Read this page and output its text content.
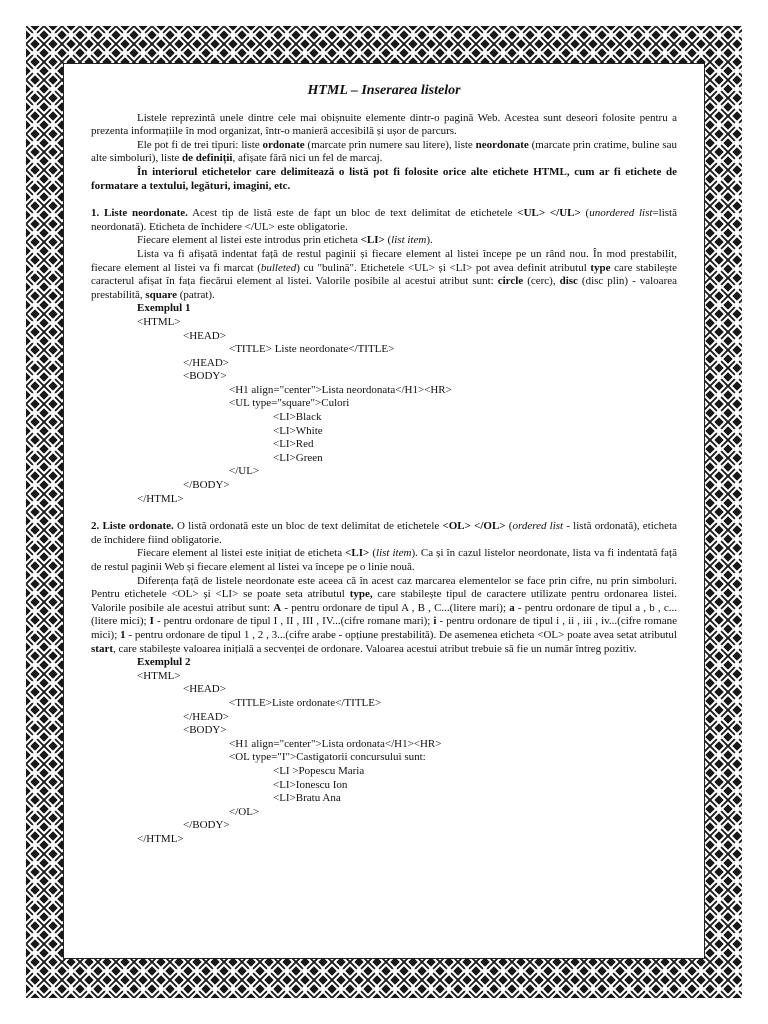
HTML – Inserarea listelor

Listele reprezintă unele dintre cele mai obișnuite elemente dintr-o pagină Web. Acestea sunt deseori folosite pentru a prezenta informațiile în mod organizat, într-o manieră accesibilă și ușor de parcurs.

Ele pot fi de trei tipuri: liste ordonate (marcate prin numere sau litere), liste neordonate (marcate prin cratime, buline sau alte simboluri), liste de definiții, afișate fără nici un fel de marcaj.

În interiorul etichetelor care delimitează o listă pot fi folosite orice alte etichete HTML, cum ar fi etichete de formatare a textului, legături, imagini, etc.

1. Liste neordonate. Acest tip de listă este de fapt un bloc de text delimitat de etichetele <UL> </UL> (unordered list=listă neordonată). Eticheta de închidere </UL> este obligatorie.

Fiecare element al listei este introdus prin eticheta <LI> (list item).

Lista va fi afișată indentat față de restul paginii și fiecare element al listei începe pe un rând nou. În mod prestabilit, fiecare element al listei va fi marcat (bulleted) cu "bulină". Etichetele <UL> și <LI> pot avea definit atributul type care stabilește caracterul afișat în fața fiecărui element al listei. Valorile posibile al acestui atribut sunt: circle (cerc), disc (disc plin) - valoarea prestabilită, square (patrat).

Exemplul 1
<HTML>
<HEAD>
<TITLE> Liste neordonate</TITLE>
</HEAD>
<BODY>
<H1 align="center">Lista neordonata</H1><HR>
<UL type="square">Culori
<LI>Black
<LI>White
<LI>Red
<LI>Green
</UL>
</BODY>
</HTML>

2. Liste ordonate. O listă ordonată este un bloc de text delimitat de etichetele <OL> </OL> (ordered list - listă ordonată), eticheta de închidere fiind obligatorie.

Fiecare element al listei este inițiat de eticheta <LI> (list item). Ca și în cazul listelor neordonate, lista va fi indentată față de restul paginii Web și fiecare element al listei va începe pe o linie nouă.

Diferența față de listele neordonate este aceea că în acest caz marcarea elementelor se face prin cifre, nu prin simboluri. Pentru etichetele <OL> și <LI> se poate seta atributul type, care stabilește tipul de caractere utilizate pentru ordonarea listei. Valorile posibile ale acestui atribut sunt: A - pentru ordonare de tipul A , B , C...(litere mari); a - pentru ordonare de tipul a , b , c...(litere mici); I - pentru ordonare de tipul I , II , III , IV...(cifre romane mari); i - pentru ordonare de tipul i , ii , iii , iv...(cifre romane mici); 1 - pentru ordonare de tipul 1 , 2 , 3...(cifre arabe - opțiune prestabilită). De asemenea eticheta <OL> poate avea setat atributul start, care stabilește valoarea inițială a secvenței de ordonare. Valoarea acestui atribut trebuie să fie un număr întreg pozitiv.

Exemplul 2
<HTML>
<HEAD>
<TITLE>Liste ordonate</TITLE>
</HEAD>
<BODY>
<H1 align="center">Lista ordonata</H1><HR>
<OL type="I">Castigatorii concursului sunt:
<LI >Popescu Maria
<LI>Ionescu Ion
<LI>Bratu Ana
</OL>
</BODY>
</HTML>
